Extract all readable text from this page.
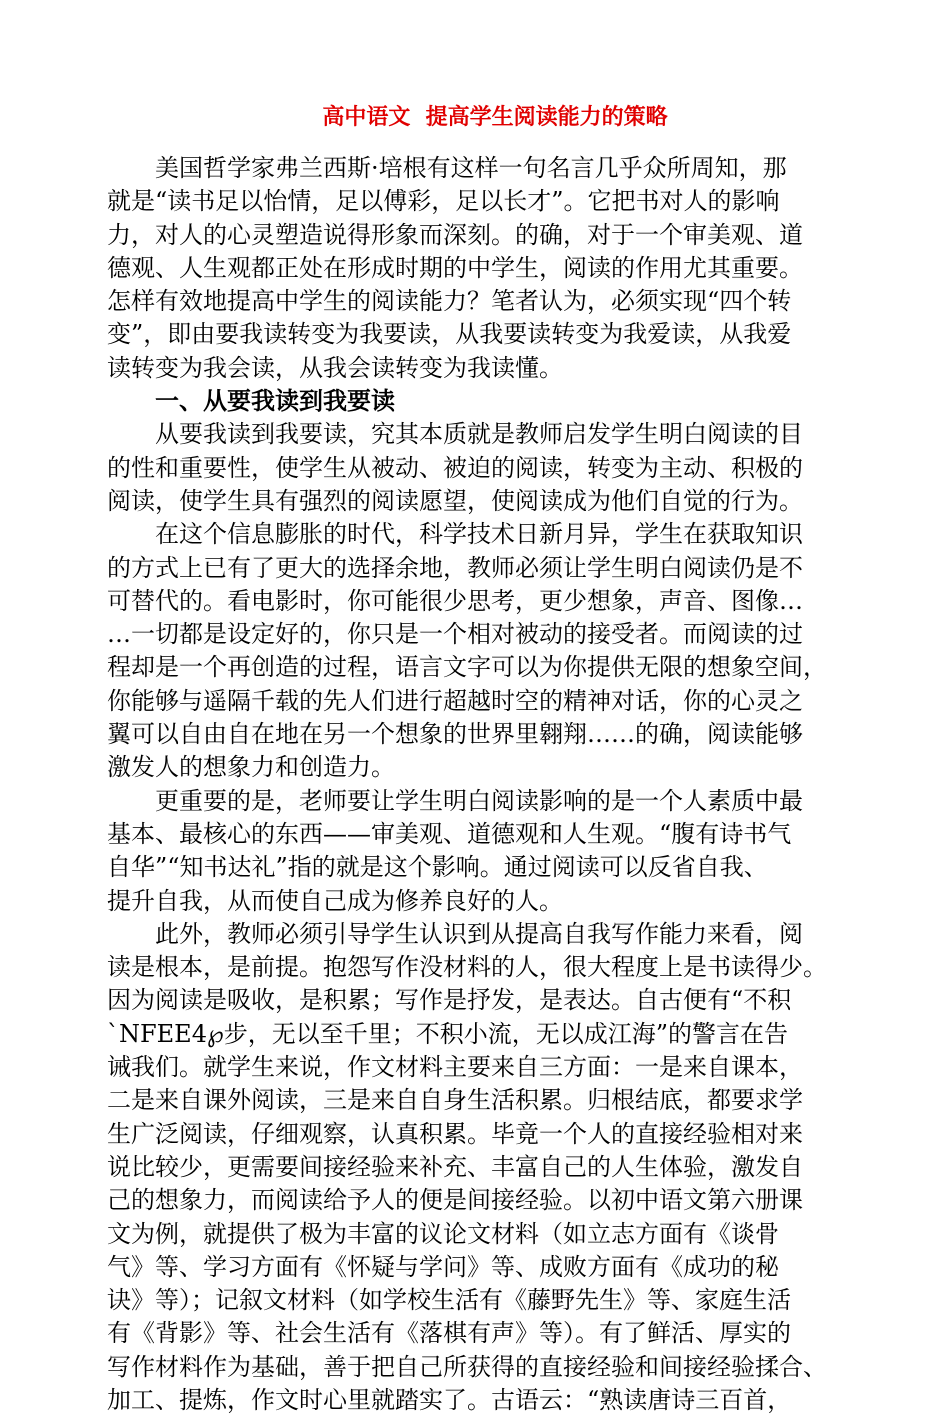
高中语文  提高学生阅读能力的策略
美国哲学家弗兰西斯·培根有这样一句名言几乎众所周知，那
就是“读书足以怡情，足以傅彩，足以长才”。它把书对人的影响
力，对人的心灵塑造说得形象而深刻。的确，对于一个审美观、道
德观、人生观都正处在形成时期的中学生，阅读的作用尤其重要。
怎样有效地提高中学生的阅读能力？笔者认为，必须实现“四个转
变”，即由要我读转变为我要读，从我要读转变为我爱读，从我爱
读转变为我会读，从我会读转变为我读懂。
一、从要我读到我要读
从要我读到我要读，究其本质就是教师启发学生明白阅读的目
的性和重要性，使学生从被动、被迫的阅读，转变为主动、积极的
阅读，使学生具有强烈的阅读愿望，使阅读成为他们自觉的行为。
在这个信息膨胀的时代，科学技术日新月异，学生在获取知识
的方式上已有了更大的选择余地，教师必须让学生明白阅读仍是不
可替代的。看电影时，你可能很少思考，更少想象，声音、图像…
…一切都是设定好的，你只是一个相对被动的接受者。而阅读的过
程却是一个再创造的过程，语言文字可以为你提供无限的想象空间，
你能够与遥隔千载的先人们进行超越时空的精神对话，你的心灵之
翼可以自由自在地在另一个想象的世界里翱翔……的确，阅读能够
激发人的想象力和创造力。
更重要的是，老师要让学生明白阅读影响的是一个人素质中最
基本、最核心的东西——审美观、道德观和人生观。“腹有诗书气
自华”“知书达礼”指的就是这个影响。通过阅读可以反省自我、
提升自我，从而使自己成为修养良好的人。
此外，教师必须引导学生认识到从提高自我写作能力来看，阅
读是根本，是前提。抱怨写作没材料的人，很大程度上是书读得少。
因为阅读是吸收，是积累；写作是抒发，是表达。自古便有“不积
`NFEE4℘步，无以至千里；不积小流，无以成江海”的警言在告
诫我们。就学生来说，作文材料主要来自三方面：一是来自课本，
二是来自课外阅读，三是来自自身生活积累。归根结底，都要求学
生广泛阅读，仔细观察，认真积累。毕竟一个人的直接经验相对来
说比较少，更需要间接经验来补充、丰富自己的人生体验，激发自
己的想象力，而阅读给予人的便是间接经验。以初中语文第六册课
文为例，就提供了极为丰富的议论文材料（如立志方面有《谈骨
气》等、学习方面有《怀疑与学问》等、成败方面有《成功的秘
诀》等）；记叙文材料（如学校生活有《藤野先生》等、家庭生活
有《背影》等、社会生活有《落棋有声》等）。有了鲜活、厚实的
写作材料作为基础，善于把自己所获得的直接经验和间接经验揉合、
加工、提炼，作文时心里就踏实了。古语云：“熟读唐诗三百首，
